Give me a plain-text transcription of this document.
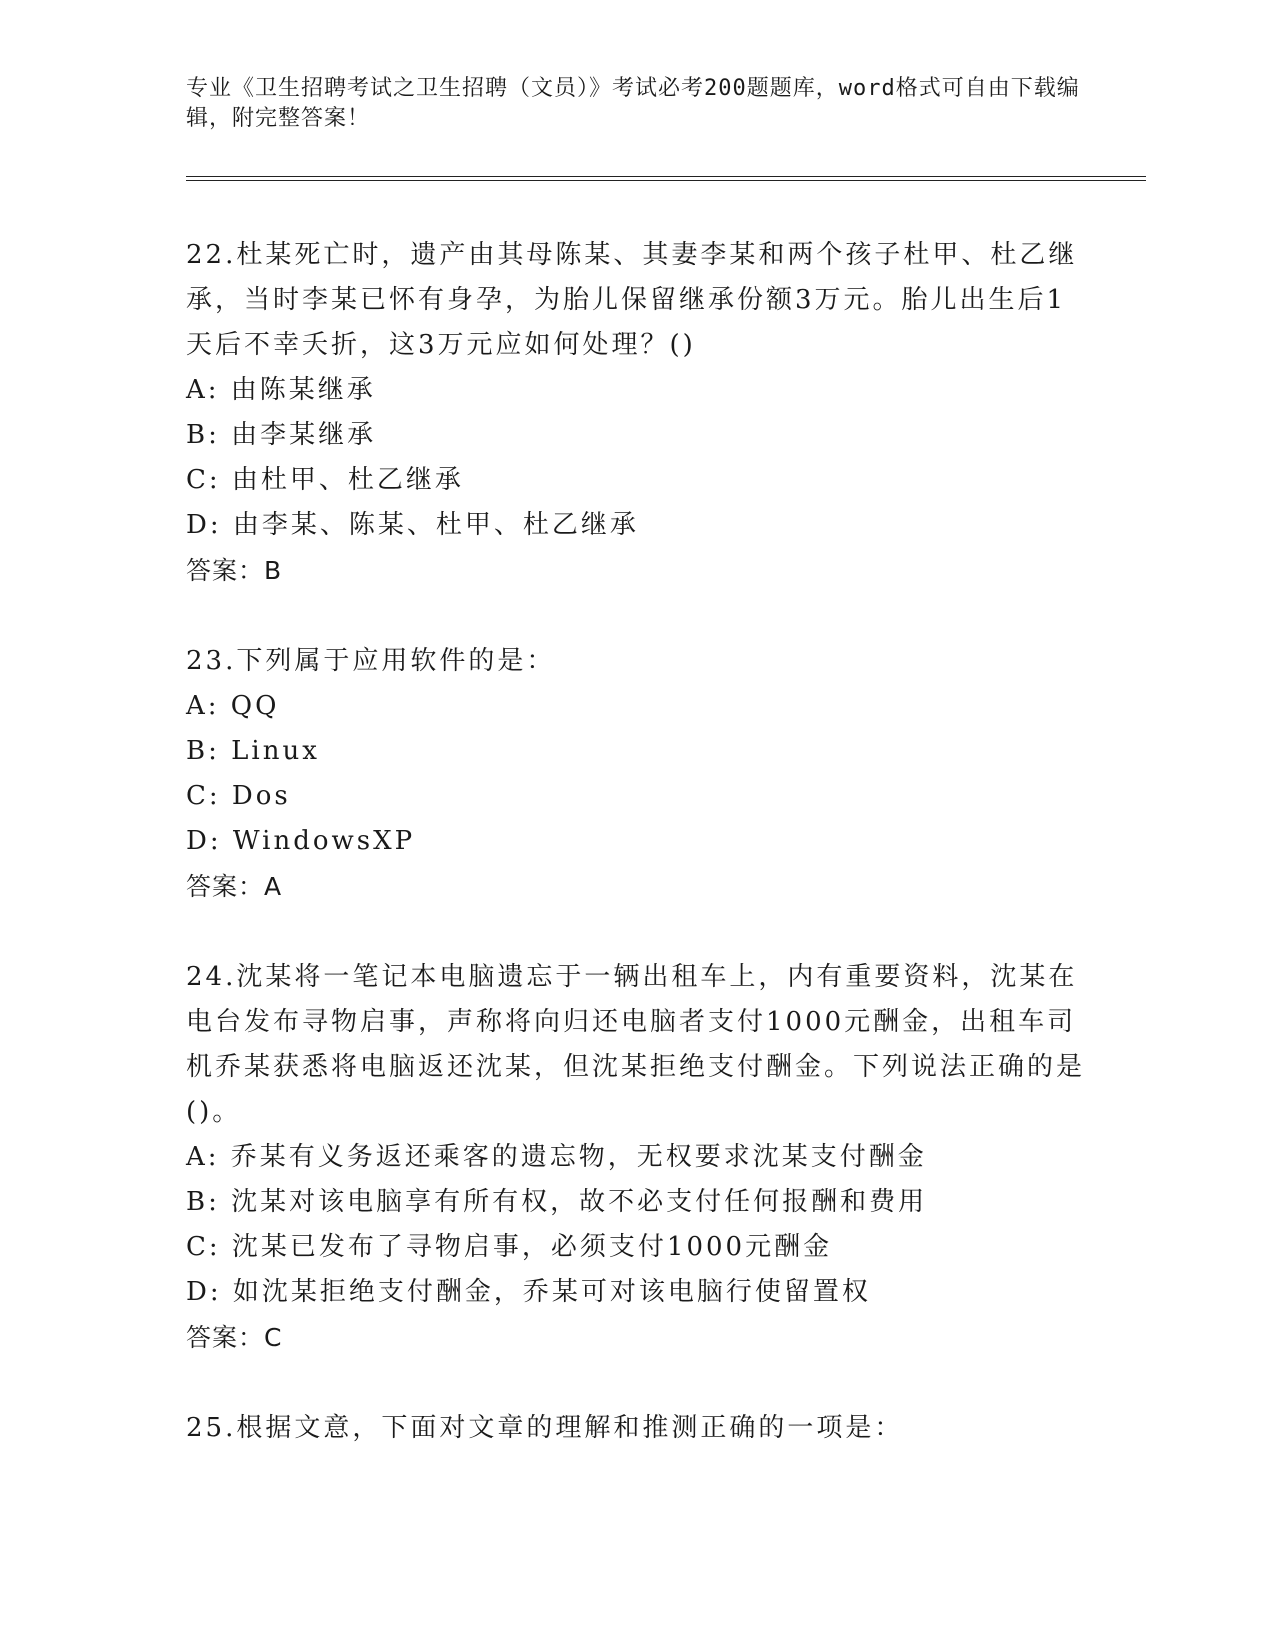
专业《卫生招聘考试之卫生招聘（文员）》考试必考200题题库，word格式可自由下载编辑，附完整答案！

22.杜某死亡时，遗产由其母陈某、其妻李某和两个孩子杜甲、杜乙继承，当时李某已怀有身孕，为胎儿保留继承份额3万元。胎儿出生后1天后不幸夭折，这3万元应如何处理？()

A: 由陈某继承

B: 由李某继承

C: 由杜甲、杜乙继承

D: 由李某、陈某、杜甲、杜乙继承

答案：B

23.下列属于应用软件的是：

A: QQ

B: Linux

C: Dos

D: WindowsXP

答案：A

24.沈某将一笔记本电脑遗忘于一辆出租车上，内有重要资料，沈某在电台发布寻物启事，声称将向归还电脑者支付1000元酬金，出租车司机乔某获悉将电脑返还沈某，但沈某拒绝支付酬金。下列说法正确的是()。

A: 乔某有义务返还乘客的遗忘物，无权要求沈某支付酬金

B: 沈某对该电脑享有所有权，故不必支付任何报酬和费用

C: 沈某已发布了寻物启事，必须支付1000元酬金

D: 如沈某拒绝支付酬金，乔某可对该电脑行使留置权

答案：C

25.根据文意，下面对文章的理解和推测正确的一项是：
